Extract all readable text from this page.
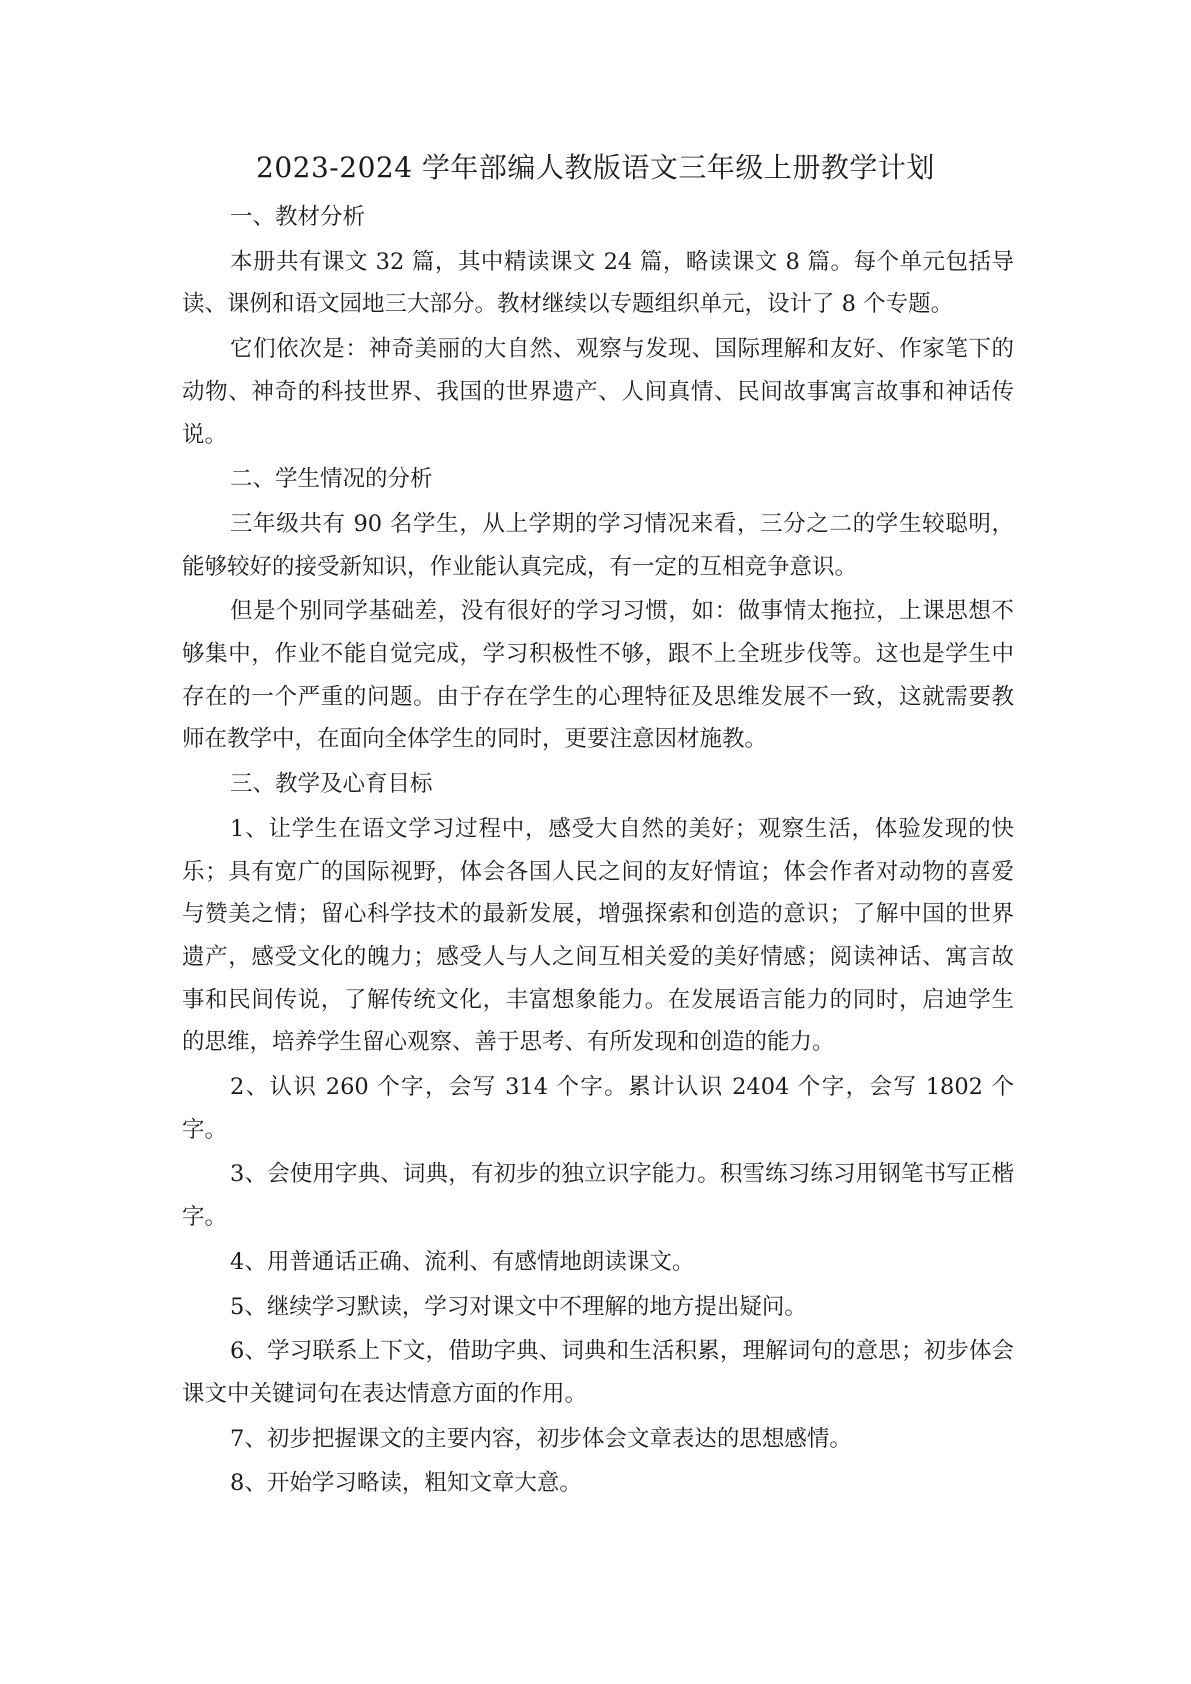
2023-2024 学年部编人教版语文三年级上册教学计划

一、教材分析

本册共有课文 32 篇，其中精读课文 24 篇，略读课文 8 篇。每个单元包括导读、课例和语文园地三大部分。教材继续以专题组织单元，设计了 8 个专题。

它们依次是：神奇美丽的大自然、观察与发现、国际理解和友好、作家笔下的动物、神奇的科技世界、我国的世界遗产、人间真情、民间故事寓言故事和神话传说。

二、学生情况的分析

三年级共有 90 名学生，从上学期的学习情况来看，三分之二的学生较聪明，能够较好的接受新知识，作业能认真完成，有一定的互相竞争意识。

但是个别同学基础差，没有很好的学习习惯，如：做事情太拖拉，上课思想不够集中，作业不能自觉完成，学习积极性不够，跟不上全班步伐等。这也是学生中存在的一个严重的问题。由于存在学生的心理特征及思维发展不一致，这就需要教师在教学中，在面向全体学生的同时，更要注意因材施教。

三、教学及心育目标

1、让学生在语文学习过程中，感受大自然的美好；观察生活，体验发现的快乐；具有宽广的国际视野，体会各国人民之间的友好情谊；体会作者对动物的喜爱与赞美之情；留心科学技术的最新发展，增强探索和创造的意识；了解中国的世界遗产，感受文化的魄力；感受人与人之间互相关爱的美好情感；阅读神话、寓言故事和民间传说，了解传统文化，丰富想象能力。在发展语言能力的同时，启迪学生的思维，培养学生留心观察、善于思考、有所发现和创造的能力。

2、认识 260 个字，会写 314 个字。累计认识 2404 个字，会写 1802 个字。

3、会使用字典、词典，有初步的独立识字能力。积雪练习练习用钢笔书写正楷字。

4、用普通话正确、流利、有感情地朗读课文。

5、继续学习默读，学习对课文中不理解的地方提出疑问。

6、学习联系上下文，借助字典、词典和生活积累，理解词句的意思；初步体会课文中关键词句在表达情意方面的作用。

7、初步把握课文的主要内容，初步体会文章表达的思想感情。

8、开始学习略读，粗知文章大意。
